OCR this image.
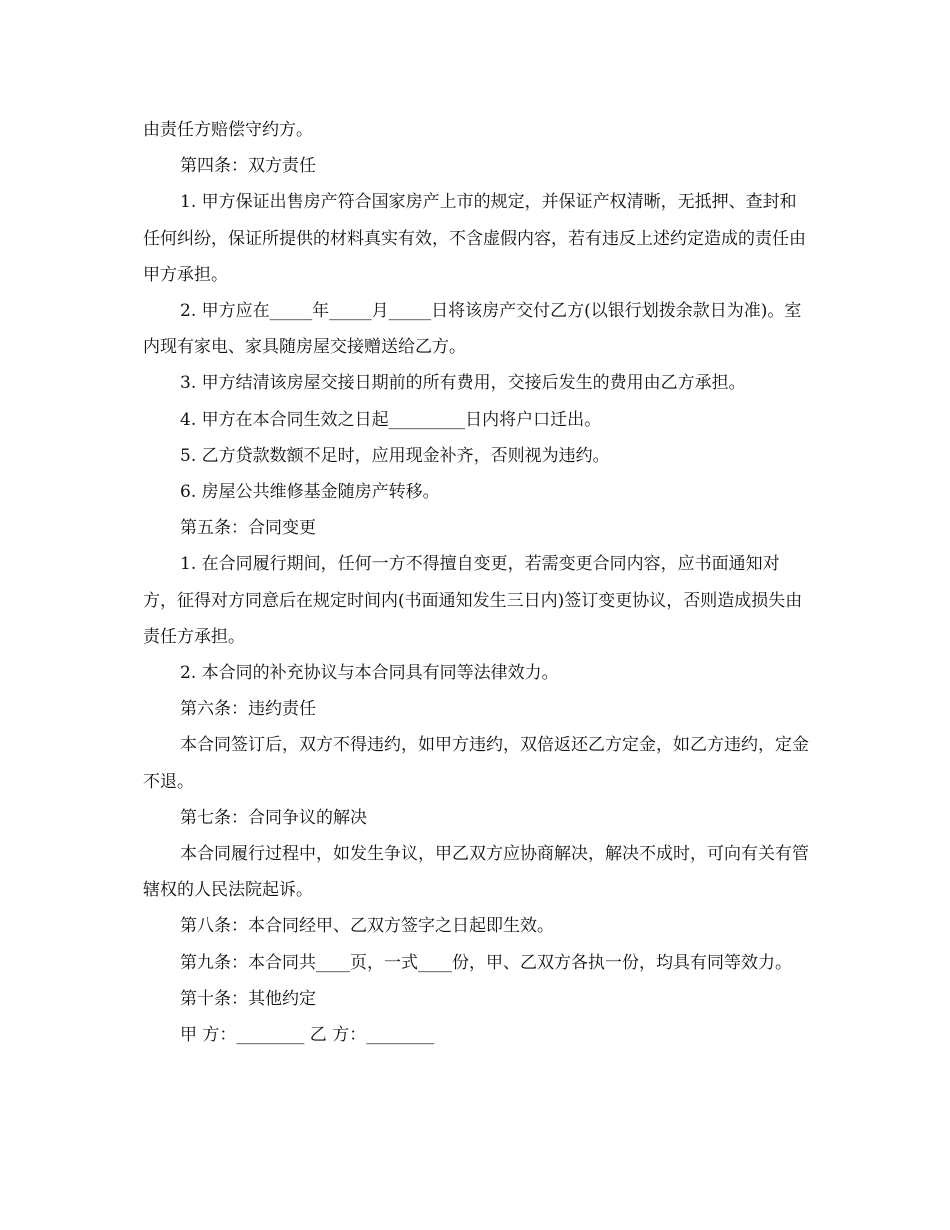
由责任方赔偿守约方。

第四条：双方责任

1. 甲方保证出售房产符合国家房产上市的规定，并保证产权清晰，无抵押、查封和任何纠纷，保证所提供的材料真实有效，不含虚假内容，若有违反上述约定造成的责任由甲方承担。

2. 甲方应在_____年_____月_____日将该房产交付乙方(以银行划拨余款日为准)。室内现有家电、家具随房屋交接赠送给乙方。

3. 甲方结清该房屋交接日期前的所有费用，交接后发生的费用由乙方承担。

4. 甲方在本合同生效之日起_________日内将户口迁出。

5. 乙方贷款数额不足时，应用现金补齐，否则视为违约。

6. 房屋公共维修基金随房产转移。

第五条：合同变更

1. 在合同履行期间，任何一方不得擅自变更，若需变更合同内容，应书面通知对方，征得对方同意后在规定时间内(书面通知发生三日内)签订变更协议，否则造成损失由责任方承担。

2. 本合同的补充协议与本合同具有同等法律效力。

第六条：违约责任

本合同签订后，双方不得违约，如甲方违约，双倍返还乙方定金，如乙方违约，定金不退。

第七条：合同争议的解决

本合同履行过程中，如发生争议，甲乙双方应协商解决，解决不成时，可向有关有管辖权的人民法院起诉。

第八条：本合同经甲、乙双方签字之日起即生效。

第九条：本合同共____页，一式____份，甲、乙双方各执一份，均具有同等效力。

第十条：其他约定

甲 方：________ 乙 方：________
